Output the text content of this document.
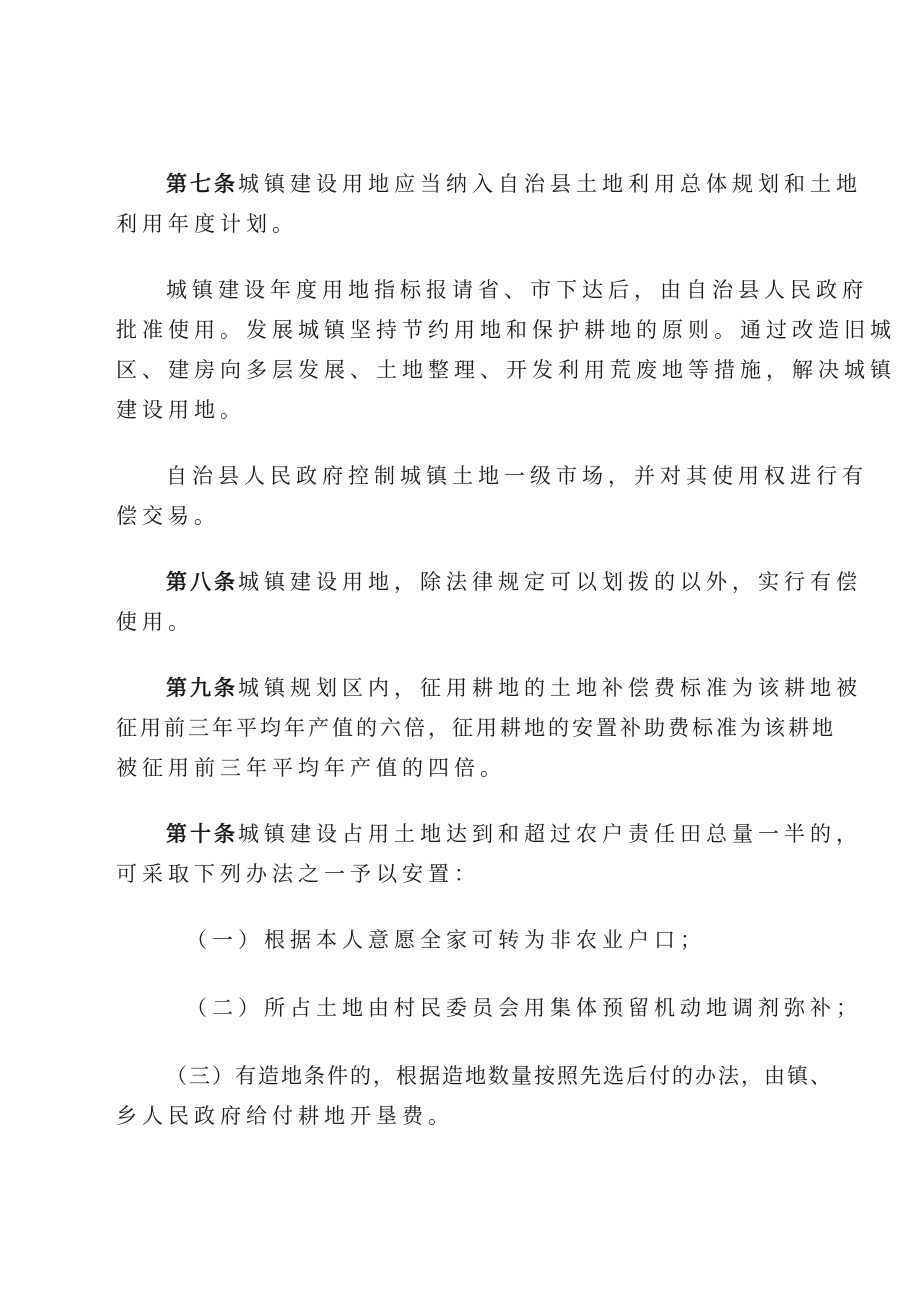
第七条城镇建设用地应当纳入自治县土地利用总体规划和土地
利用年度计划。
城镇建设年度用地指标报请省、市下达后，由自治县人民政府
批准使用。发展城镇坚持节约用地和保护耕地的原则。通过改造旧城
区、建房向多层发展、土地整理、开发利用荒废地等措施，解决城镇
建设用地。
自治县人民政府控制城镇土地一级市场，并对其使用权进行有
偿交易。
第八条城镇建设用地，除法律规定可以划拨的以外，实行有偿
使用。
第九条城镇规划区内，征用耕地的土地补偿费标准为该耕地被
征用前三年平均年产值的六倍，征用耕地的安置补助费标准为该耕地
被征用前三年平均年产值的四倍。
第十条城镇建设占用土地达到和超过农户责任田总量一半的，
可采取下列办法之一予以安置：
（一）根据本人意愿全家可转为非农业户口；
（二）所占土地由村民委员会用集体预留机动地调剂弥补；
（三）有造地条件的，根据造地数量按照先选后付的办法，由镇、
乡人民政府给付耕地开垦费。
